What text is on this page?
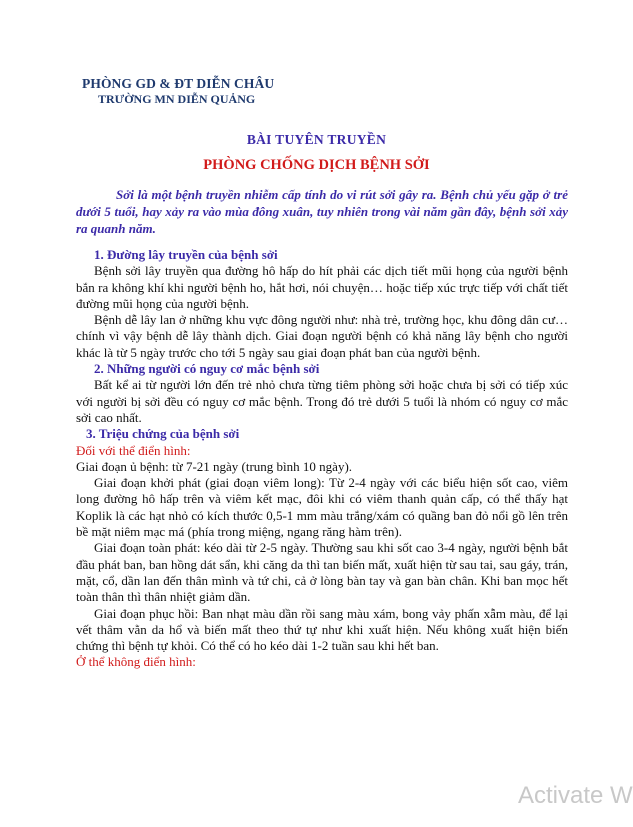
PHÒNG GD & ĐT DIỄN CHÂU
TRƯỜNG MN DIỄN QUẢNG
BÀI TUYÊN TRUYỀN
PHÒNG CHỐNG DỊCH BỆNH SỞI

Sởi là một bệnh truyền nhiễm cấp tính do vi rút sởi gây ra. Bệnh chủ yếu gặp ở trẻ dưới 5 tuổi, hay xảy ra vào mùa đông xuân, tuy nhiên trong vài năm gần đây, bệnh sởi xảy ra quanh năm.

1. Đường lây truyền của bệnh sởi

Bệnh sởi lây truyền qua đường hô hấp do hít phải các dịch tiết mũi họng của người bệnh bắn ra không khí khi người bệnh ho, hắt hơi, nói chuyện… hoặc tiếp xúc trực tiếp với chất tiết đường mũi họng của người bệnh.

Bệnh dễ lây lan ở những khu vực đông người như: nhà trẻ, trường học, khu đông dân cư… chính vì vậy bệnh dễ lây thành dịch. Giai đoạn người bệnh có khả năng lây bệnh cho người khác là từ 5 ngày trước cho tới 5 ngày sau giai đoạn phát ban của người bệnh.

2. Những người có nguy cơ mắc bệnh sởi

Bất kể ai từ người lớn đến trẻ nhỏ chưa từng tiêm phòng sởi hoặc chưa bị sởi có tiếp xúc với người bị sởi đều có nguy cơ mắc bệnh. Trong đó trẻ dưới 5 tuổi là nhóm có nguy cơ mắc sởi cao nhất.

3. Triệu chứng của bệnh sởi

Đối với thể điển hình:

Giai đoạn ủ bệnh: từ 7-21 ngày (trung bình 10 ngày).

Giai đoạn khởi phát (giai đoạn viêm long): Từ 2-4 ngày với các biểu hiện sốt cao, viêm long đường hô hấp trên và viêm kết mạc, đôi khi có viêm thanh quản cấp, có thể thấy hạt Koplik là các hạt nhỏ có kích thước 0,5-1 mm màu trắng/xám có quầng ban đỏ nổi gồ lên trên bề mặt niêm mạc má (phía trong miệng, ngang răng hàm trên).

Giai đoạn toàn phát: kéo dài từ 2-5 ngày. Thường sau khi sốt cao 3-4 ngày, người bệnh bắt đầu phát ban, ban hồng dát sẩn, khi căng da thì tan biến mất, xuất hiện từ sau tai, sau gáy, trán, mặt, cổ, dần lan đến thân mình và tứ chi, cả ở lòng bàn tay và gan bàn chân. Khi ban mọc hết toàn thân thì thân nhiệt giảm dần.

Giai đoạn phục hồi: Ban nhạt màu dần rồi sang màu xám, bong vảy phấn xẫm màu, để lại vết thâm vằn da hổ và biến mất theo thứ tự như khi xuất hiện. Nếu không xuất hiện biến chứng thì bệnh tự khỏi. Có thể có ho kéo dài 1-2 tuần sau khi hết ban.

Ở thể không điển hình:

Activate W
